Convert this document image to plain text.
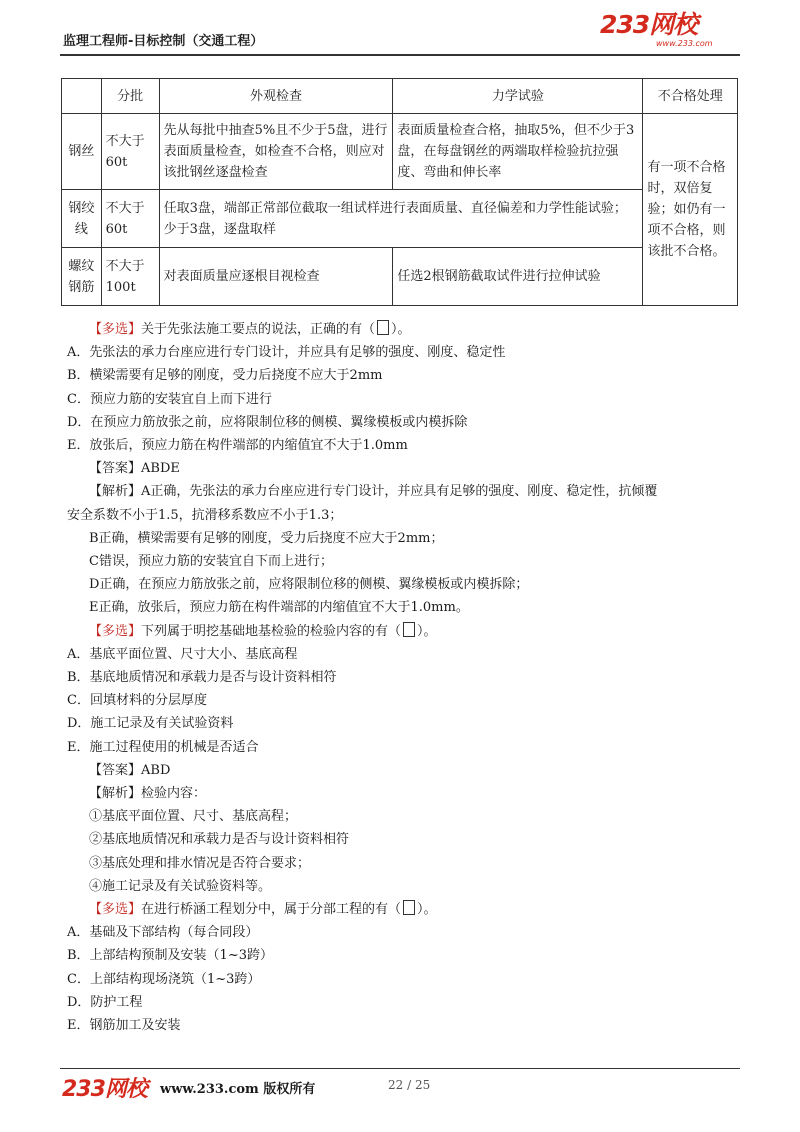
监理工程师-目标控制（交通工程）
233网校
www.233.com
	分批	外观检查	力学试验	不合格处理
钢丝	不大于60t	先从每批中抽查5%且不少于5盘，进行表面质量检查，如检查不合格，则应对该批钢丝逐盘检查	表面质量检查合格，抽取5%，但不少于3盘，在每盘钢丝的两端取样检验抗拉强度、弯曲和伸长率	有一项不合格时，双倍复验；如仍有一项不合格，则该批不合格。
钢绞线	不大于60t	任取3盘，端部正常部位截取一组试样进行表面质量、直径偏差和力学性能试验；少于3盘，逐盘取样		
螺纹钢筋	不大于100t	对表面质量应逐根目视检查	任选2根钢筋截取试件进行拉伸试验	

【多选】关于先张法施工要点的说法，正确的有（ ）。

A．先张法的承力台座应进行专门设计，并应具有足够的强度、刚度、稳定性

B．横梁需要有足够的刚度，受力后挠度不应大于2mm

C．预应力筋的安装宜自上而下进行

D．在预应力筋放张之前，应将限制位移的侧模、翼缘模板或内模拆除

E．放张后，预应力筋在构件端部的内缩值宜不大于1.0mm

【答案】ABDE

【解析】A正确，先张法的承力台座应进行专门设计，并应具有足够的强度、刚度、稳定性，抗倾覆

安全系数不小于1.5，抗滑移系数应不小于1.3；

B正确，横梁需要有足够的刚度，受力后挠度不应大于2mm；

C错误，预应力筋的安装宜自下而上进行；

D正确，在预应力筋放张之前，应将限制位移的侧模、翼缘模板或内模拆除；

E正确，放张后，预应力筋在构件端部的内缩值宜不大于1.0mm。

【多选】下列属于明挖基础地基检验的检验内容的有（ ）。

A．基底平面位置、尺寸大小、基底高程

B．基底地质情况和承载力是否与设计资料相符

C．回填材料的分层厚度

D．施工记录及有关试验资料

E．施工过程使用的机械是否适合

【答案】ABD

【解析】检验内容：

①基底平面位置、尺寸、基底高程；

②基底地质情况和承载力是否与设计资料相符

③基底处理和排水情况是否符合要求；

④施工记录及有关试验资料等。

【多选】在进行桥涵工程划分中，属于分部工程的有（ ）。

A．基础及下部结构（每合同段）

B．上部结构预制及安装（1~3跨）

C．上部结构现场浇筑（1~3跨）

D．防护工程

E．钢筋加工及安装

233网校 www.233.com 版权所有	22 / 25
